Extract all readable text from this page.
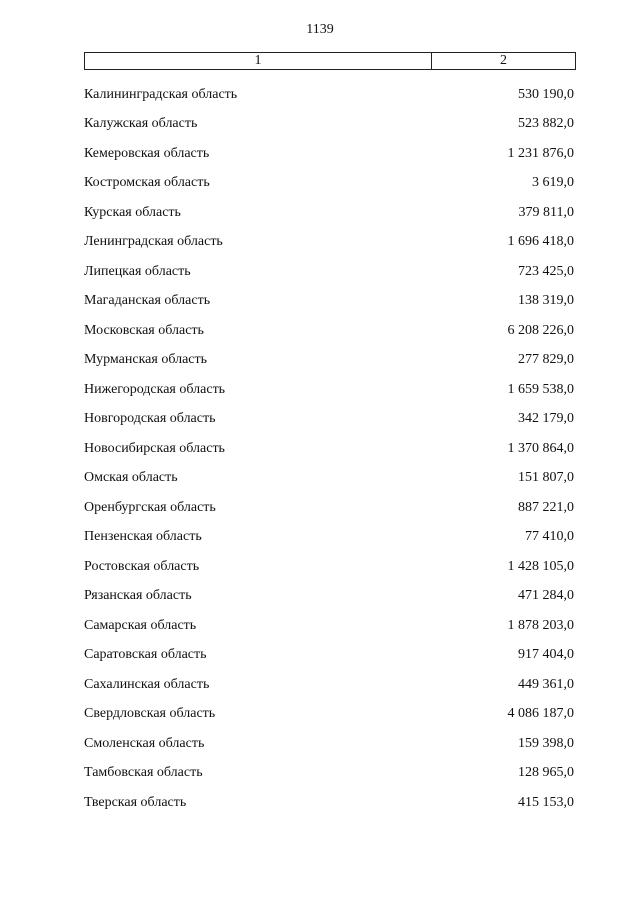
1139
1	2
Калининградская область	530 190,0
Калужская область	523 882,0
Кемеровская область	1 231 876,0
Костромская область	3 619,0
Курская область	379 811,0
Ленинградская область	1 696 418,0
Липецкая область	723 425,0
Магаданская область	138 319,0
Московская область	6 208 226,0
Мурманская область	277 829,0
Нижегородская область	1 659 538,0
Новгородская область	342 179,0
Новосибирская область	1 370 864,0
Омская область	151 807,0
Оренбургская область	887 221,0
Пензенская область	77 410,0
Ростовская область	1 428 105,0
Рязанская область	471 284,0
Самарская область	1 878 203,0
Саратовская область	917 404,0
Сахалинская область	449 361,0
Свердловская область	4 086 187,0
Смоленская область	159 398,0
Тамбовская область	128 965,0
Тверская область	415 153,0
